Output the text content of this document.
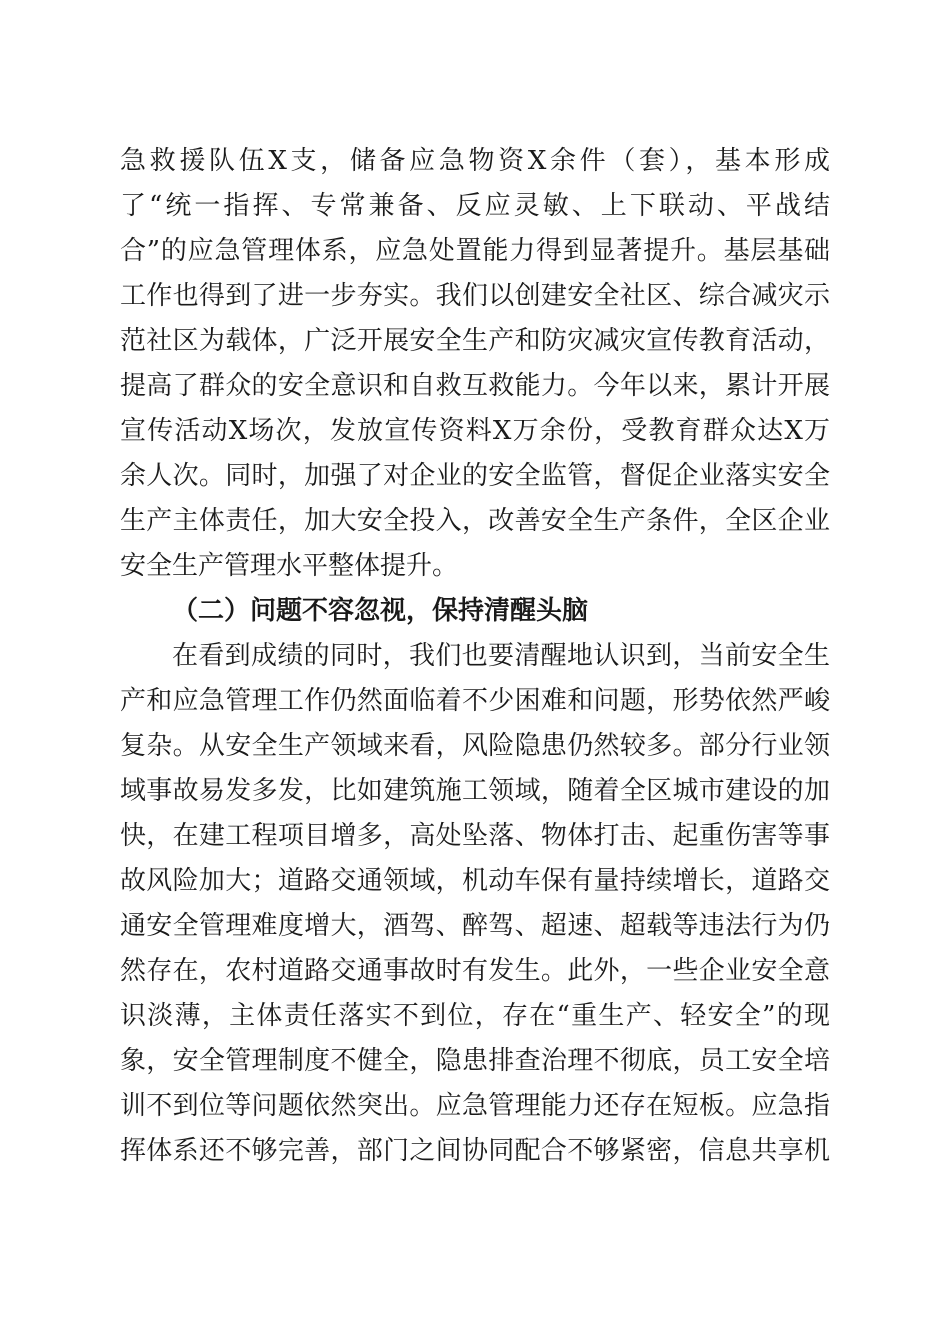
急救援队伍X支，储备应急物资X余件（套），基本形成
了“统一指挥、专常兼备、反应灵敏、上下联动、平战结
合”的应急管理体系，应急处置能力得到显著提升。基层基础
工作也得到了进一步夯实。我们以创建安全社区、综合减灾示
范社区为载体，广泛开展安全生产和防灾减灾宣传教育活动，
提高了群众的安全意识和自救互救能力。今年以来，累计开展
宣传活动X场次，发放宣传资料X万余份，受教育群众达X万
余人次。同时，加强了对企业的安全监管，督促企业落实安全
生产主体责任，加大安全投入，改善安全生产条件，全区企业
安全生产管理水平整体提升。
（二）问题不容忽视，保持清醒头脑
在看到成绩的同时，我们也要清醒地认识到，当前安全生
产和应急管理工作仍然面临着不少困难和问题，形势依然严峻
复杂。从安全生产领域来看，风险隐患仍然较多。部分行业领
域事故易发多发，比如建筑施工领域，随着全区城市建设的加
快，在建工程项目增多，高处坠落、物体打击、起重伤害等事
故风险加大；道路交通领域，机动车保有量持续增长，道路交
通安全管理难度增大，酒驾、醉驾、超速、超载等违法行为仍
然存在，农村道路交通事故时有发生。此外，一些企业安全意
识淡薄，主体责任落实不到位，存在“重生产、轻安全”的现
象，安全管理制度不健全，隐患排查治理不彻底，员工安全培
训不到位等问题依然突出。应急管理能力还存在短板。应急指
挥体系还不够完善，部门之间协同配合不够紧密，信息共享机
